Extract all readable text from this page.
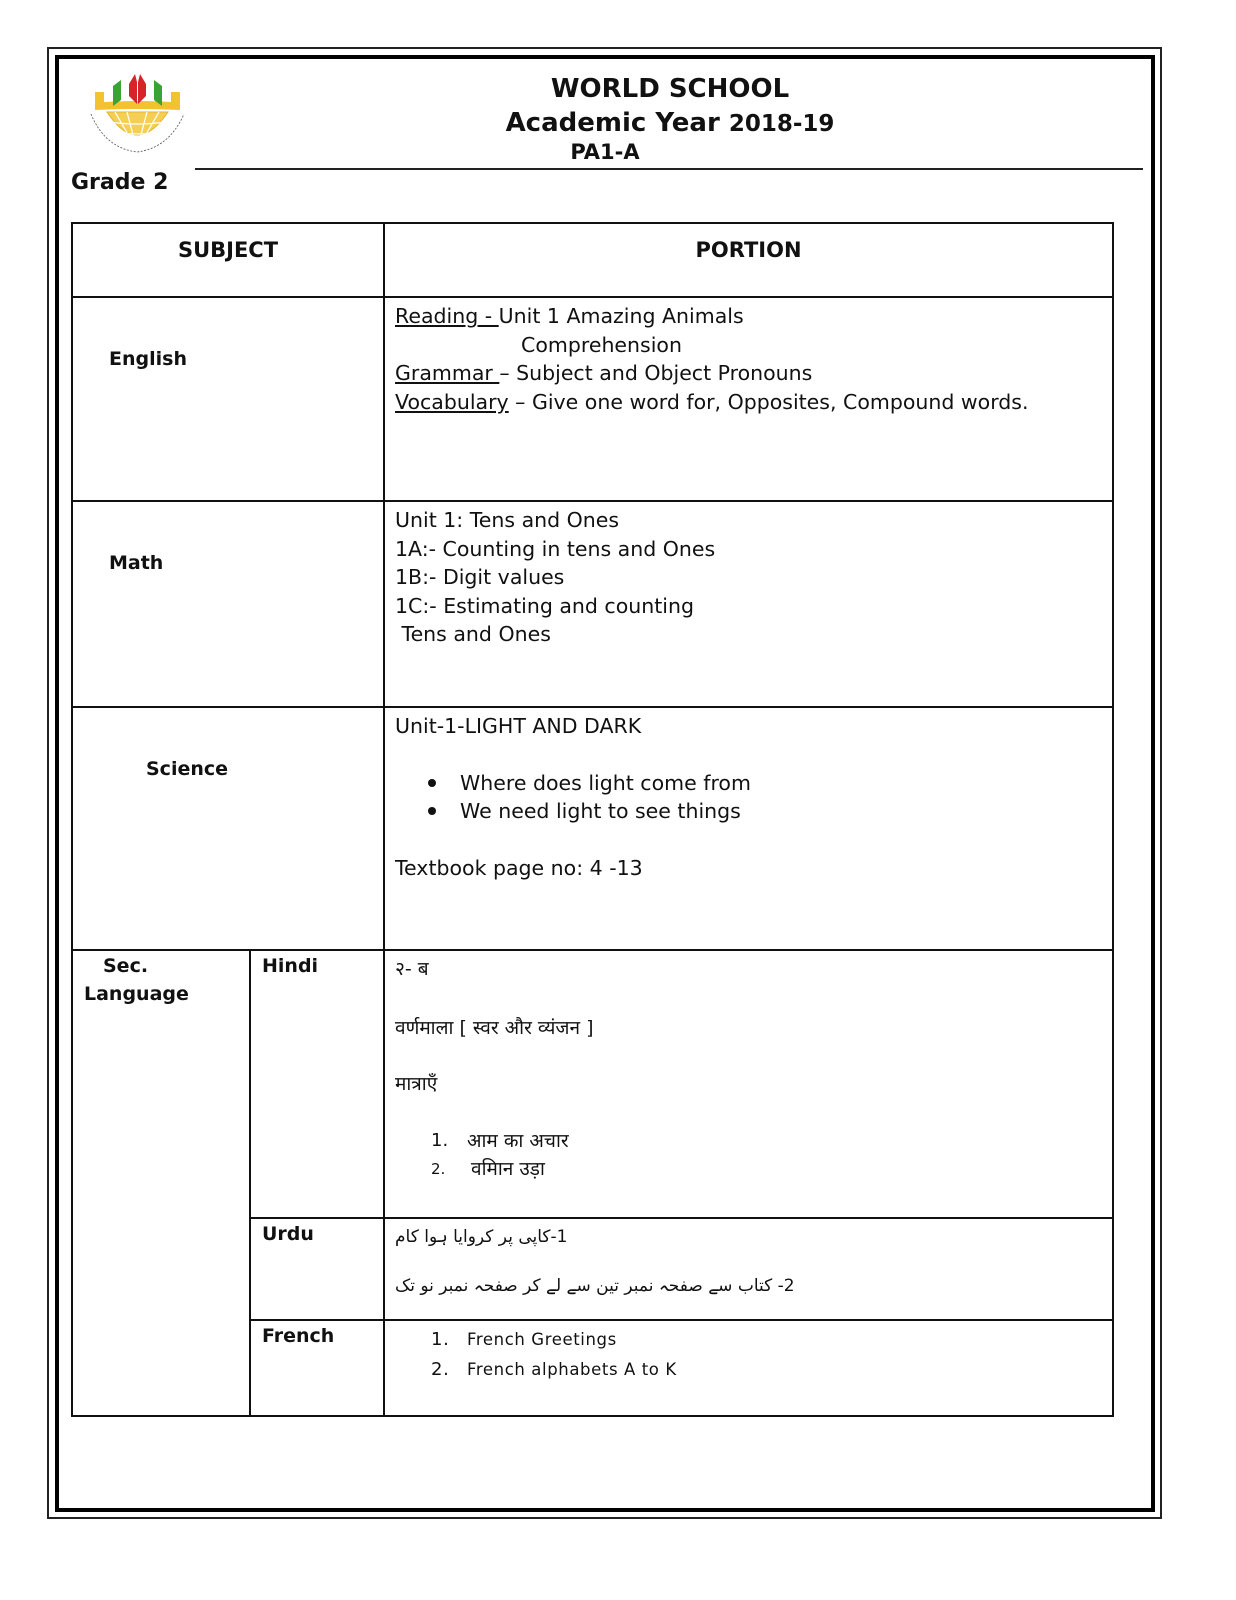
Grade 2
WORLD SCHOOL
Academic Year 2018-19
PA1-A
SUBJECT		PORTION

English		Reading - Unit 1 Amazing Animals
Comprehension
Grammar – Subject and Object Pronouns
Vocabulary – Give one word for, Opposites, Compound words.

Math		Unit 1: Tens and Ones
1A:- Counting in tens and Ones
1B:- Digit values
1C:- Estimating and counting
Tens and Ones

Science		Unit-1-LIGHT AND DARK
Where does light come from
We need light to see things
Textbook page no: 4 -13

Sec.
Language

Hindi	२- ब
वर्णमाला [ स्वर और व्यंजन ]
मात्राएँ
1. आम का अचार
2.	वमिान उड़ा

	Urdu	1-کاپی پر کروایا ہوا کام
2- کتاب سے صفحہ نمبر تین سے لے کر صفحہ نمبر نو تک

	French	1. French Greetings
2. French alphabets A to K
